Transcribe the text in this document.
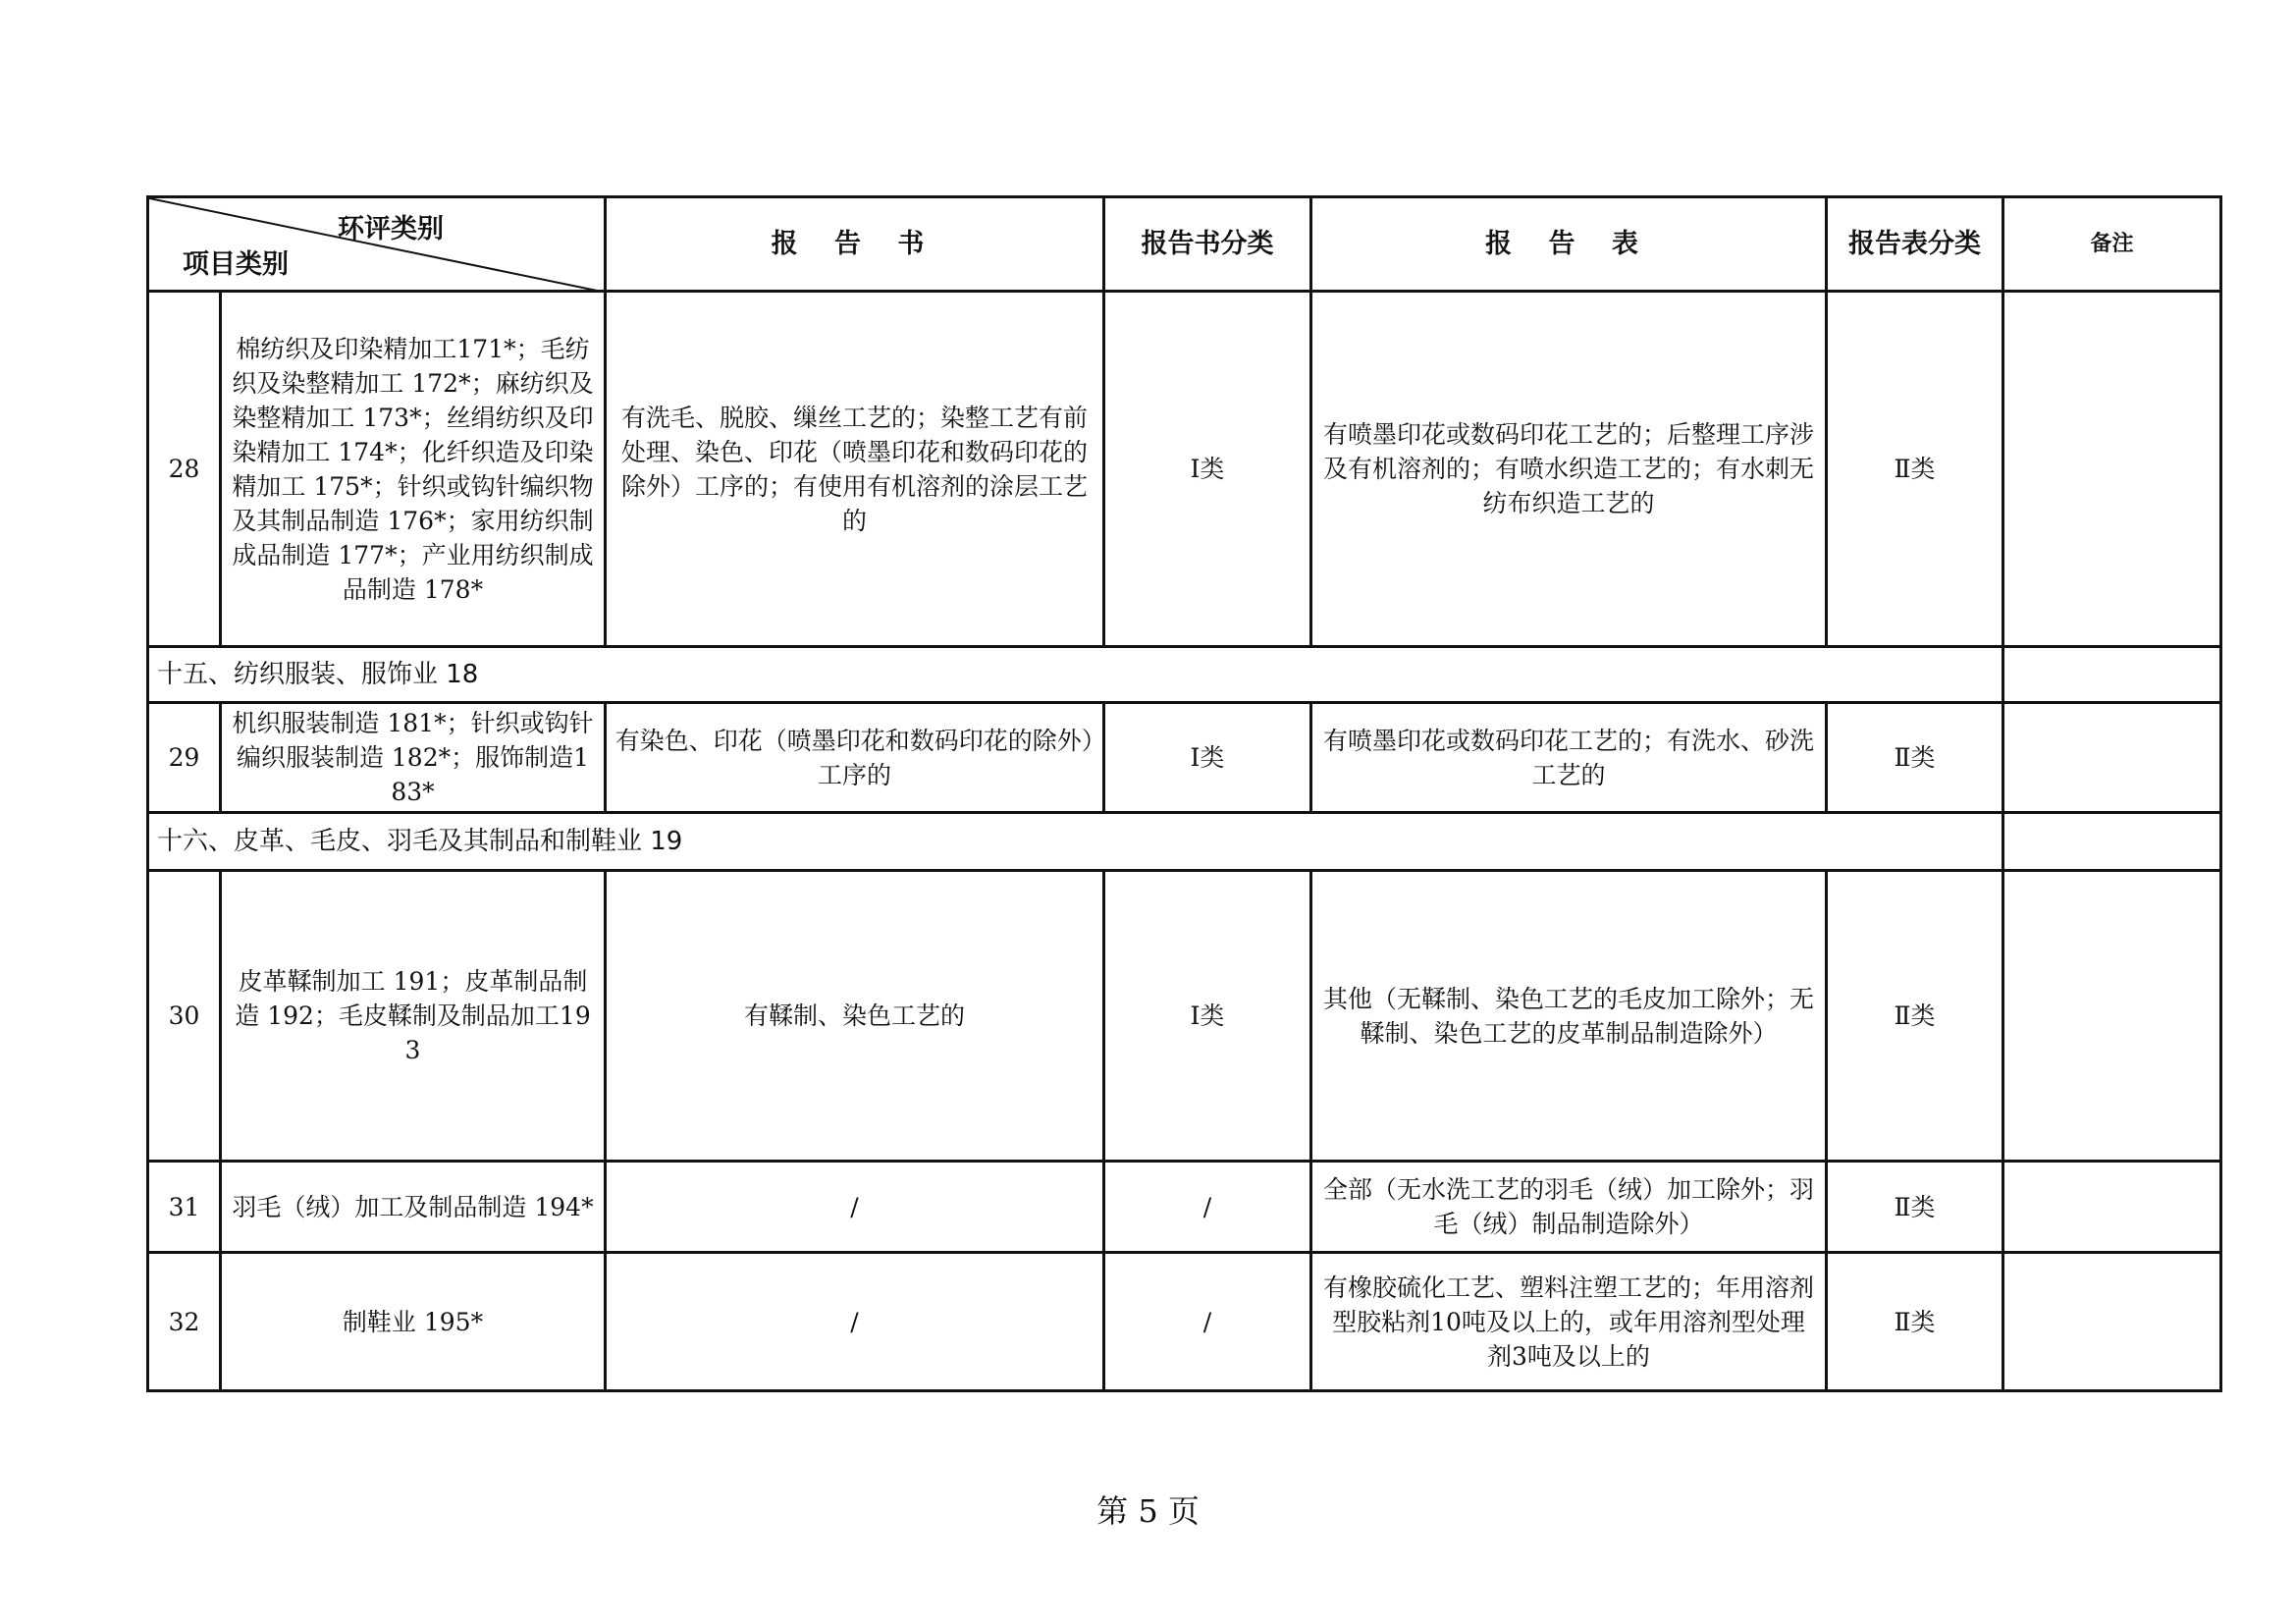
环评类别
项目类别		报 告 书	报告书分类	报 告 表	报告表分类	备注
28	棉纺织及印染精加工171*；毛纺织及染整精加工 172*；麻纺织及染整精加工 173*；丝绢纺织及印染精加工 174*；化纤织造及印染精加工 175*；针织或钩针编织物及其制品制造 176*；家用纺织制成品制造 177*；产业用纺织制成品制造 178*	有洗毛、脱胶、缫丝工艺的；染整工艺有前处理、染色、印花（喷墨印花和数码印花的除外）工序的；有使用有机溶剂的涂层工艺的	Ⅰ类	有喷墨印花或数码印花工艺的；后整理工序涉及有机溶剂的；有喷水织造工艺的；有水刺无纺布织造工艺的	Ⅱ类	
十五、纺织服装、服饰业 18						
29	机织服装制造 181*；针织或钩针编织服装制造 182*；服饰制造183*	有染色、印花（喷墨印花和数码印花的除外）工序的	Ⅰ类	有喷墨印花或数码印花工艺的；有洗水、砂洗工艺的	Ⅱ类	
十六、皮革、毛皮、羽毛及其制品和制鞋业 19						
30	皮革鞣制加工 191；皮革制品制造 192；毛皮鞣制及制品加工193	有鞣制、染色工艺的	Ⅰ类	其他（无鞣制、染色工艺的毛皮加工除外；无鞣制、染色工艺的皮革制品制造除外）	Ⅱ类	
31	羽毛（绒）加工及制品制造 194*	/	/	全部（无水洗工艺的羽毛（绒）加工除外；羽毛（绒）制品制造除外）	Ⅱ类	
32	制鞋业 195*	/	/	有橡胶硫化工艺、塑料注塑工艺的；年用溶剂型胶粘剂10吨及以上的，或年用溶剂型处理剂3吨及以上的	Ⅱ类	
第 5 页
